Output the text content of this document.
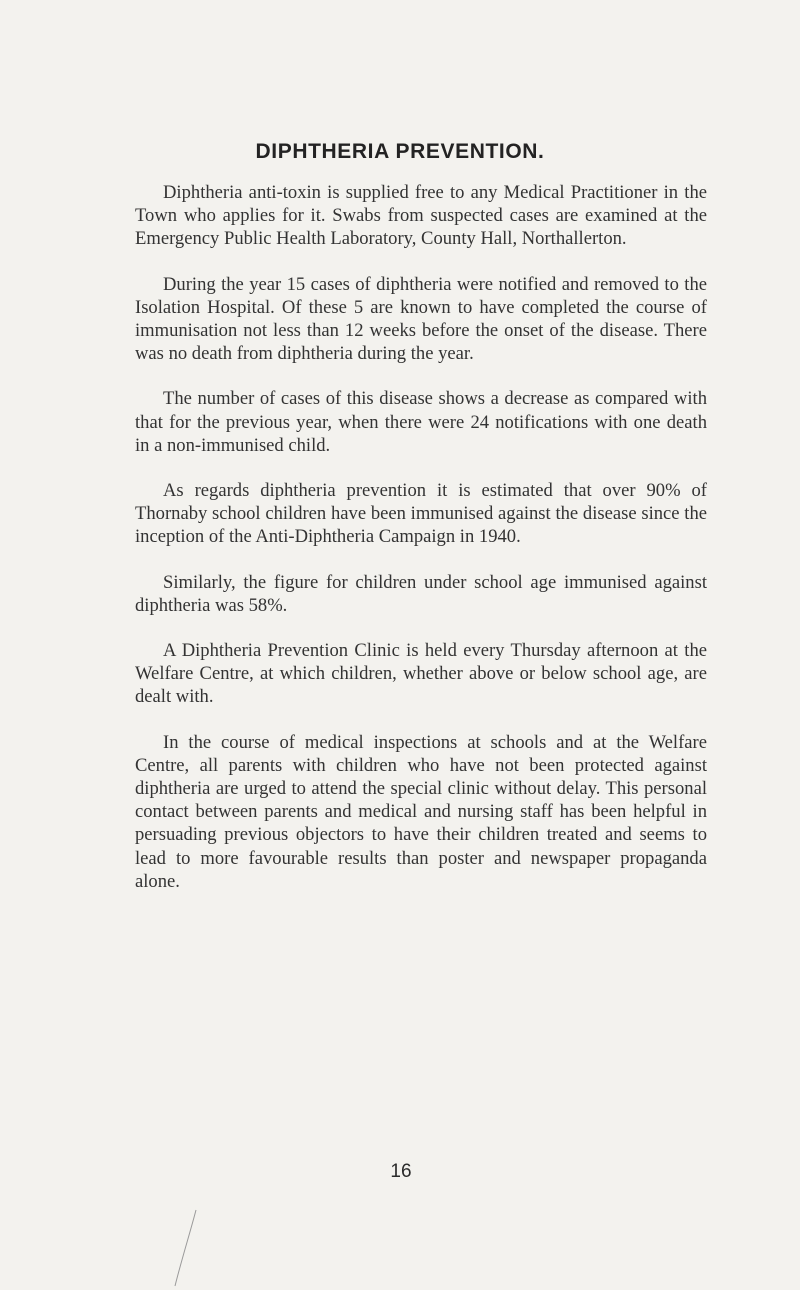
DIPHTHERIA PREVENTION.

Diphtheria anti-toxin is supplied free to any Medical Practitioner in the Town who applies for it. Swabs from suspected cases are examined at the Emergency Public Health Laboratory, County Hall, Northallerton.

During the year 15 cases of diphtheria were notified and removed to the Isolation Hospital. Of these 5 are known to have completed the course of immunisation not less than 12 weeks before the onset of the disease. There was no death from diphtheria during the year.

The number of cases of this disease shows a decrease as compared with that for the previous year, when there were 24 notifications with one death in a non-immunised child.

As regards diphtheria prevention it is estimated that over 90% of Thornaby school children have been immunised against the disease since the inception of the Anti-Diphtheria Campaign in 1940.

Similarly, the figure for children under school age immunised against diphtheria was 58%.

A Diphtheria Prevention Clinic is held every Thursday afternoon at the Welfare Centre, at which children, whether above or below school age, are dealt with.

In the course of medical inspections at schools and at the Welfare Centre, all parents with children who have not been protected against diphtheria are urged to attend the special clinic without delay. This personal contact between parents and medical and nursing staff has been helpful in persuading previous objectors to have their children treated and seems to lead to more favourable results than poster and newspaper propaganda alone.

16
